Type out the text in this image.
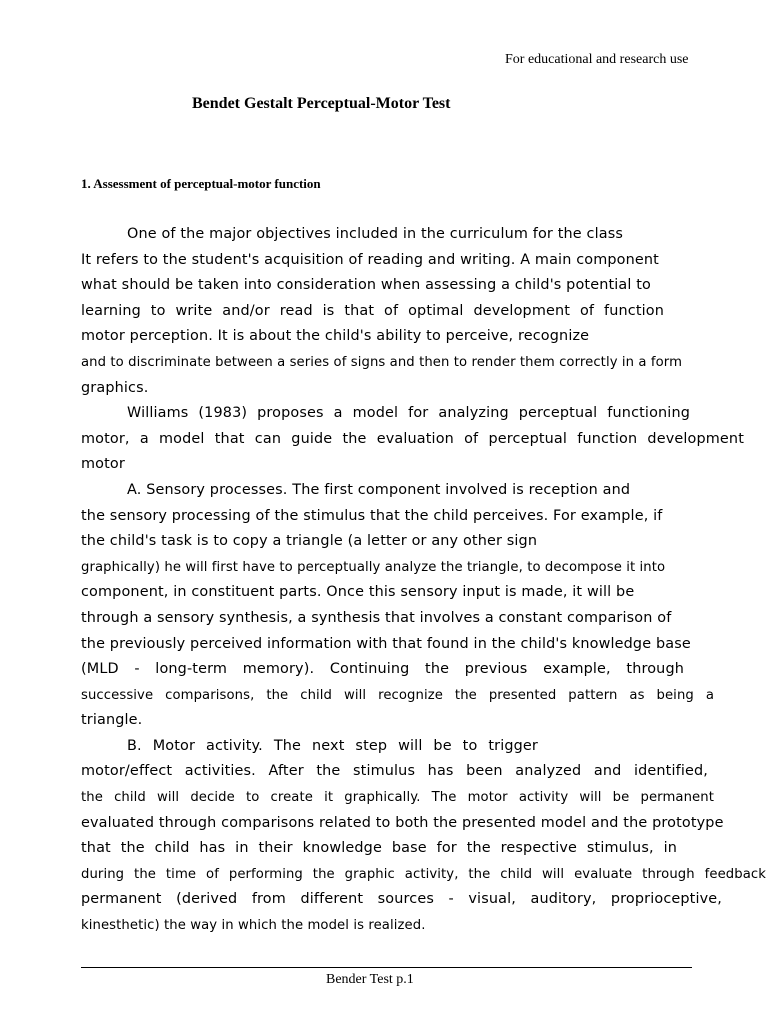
For educational and research use
Bendet Gestalt Perceptual-Motor Test
1. Assessment of perceptual-motor function
One of the major objectives included in the curriculum for the class
It refers to the student's acquisition of reading and writing. A main component
what should be taken into consideration when assessing a child's potential to
learning to write and/or read is that of optimal development of function
motor perception. It is about the child's ability to perceive, recognize
and to discriminate between a series of signs and then to render them correctly in a form
graphics.
Williams (1983) proposes a model for analyzing perceptual functioning
motor, a model that can guide the evaluation of perceptual function development
motor
A. Sensory processes. The first component involved is reception and
the sensory processing of the stimulus that the child perceives. For example, if
the child's task is to copy a triangle (a letter or any other sign
graphically) he will first have to perceptually analyze the triangle, to decompose it into
component, in constituent parts. Once this sensory input is made, it will be
through a sensory synthesis, a synthesis that involves a constant comparison of
the previously perceived information with that found in the child's knowledge base
(MLD - long-term memory). Continuing the previous example, through
successive comparisons, the child will recognize the presented pattern as being a
triangle.
B. Motor activity. The next step will be to trigger
motor/effect activities. After the stimulus has been analyzed and identified,
the child will decide to create it graphically. The motor activity will be permanent
evaluated through comparisons related to both the presented model and the prototype
that the child has in their knowledge base for the respective stimulus, in
during the time of performing the graphic activity, the child will evaluate through feedback
permanent (derived from different sources - visual, auditory, proprioceptive,
kinesthetic) the way in which the model is realized.
Bender Test p.1
